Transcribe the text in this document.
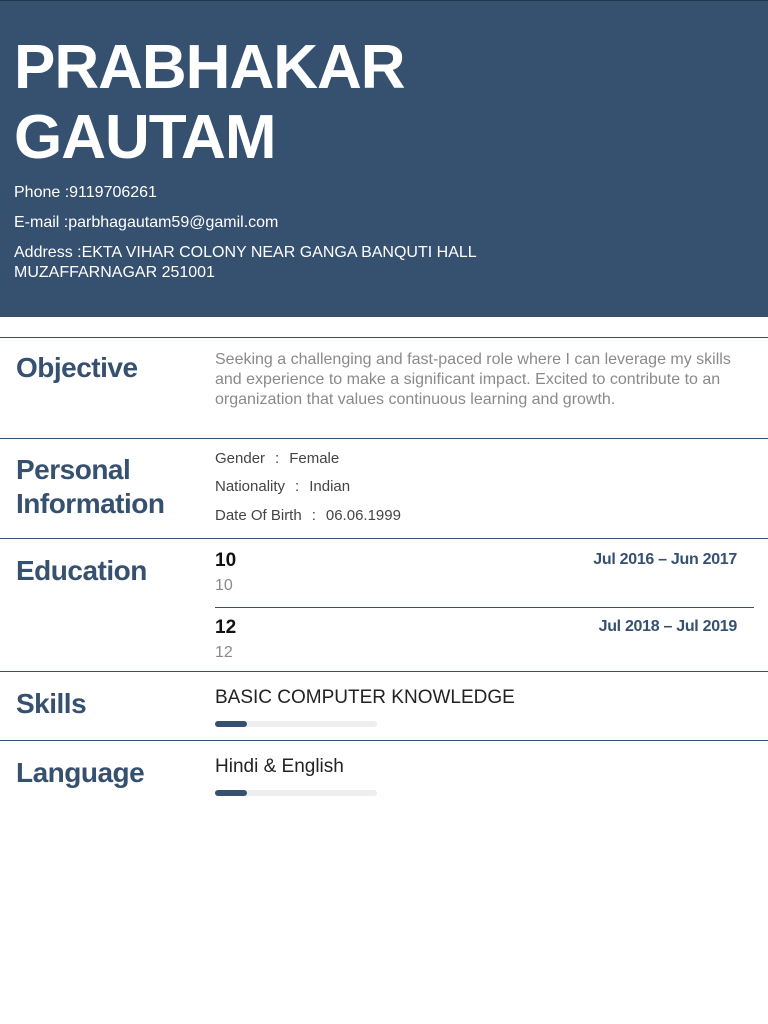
PRABHAKAR
GAUTAM
Phone :9119706261
E-mail :parbhagautam59@gamil.com
Address :EKTA VIHAR COLONY NEAR GANGA BANQUTI HALL MUZAFFARNAGAR 251001
Objective	Seeking a challenging and fast-paced role where I can leverage my skills and experience to make a significant impact. Excited to contribute to an organization that values continuous learning and growth.
Personal
Information
Gender : Female
Nationality : Indian
Date Of Birth : 06.06.1999
Education	10	Jul 2016 – Jun 2017
10
12	Jul 2018 – Jul 2019
12
Skills	BASIC COMPUTER KNOWLEDGE
Language	Hindi & English
